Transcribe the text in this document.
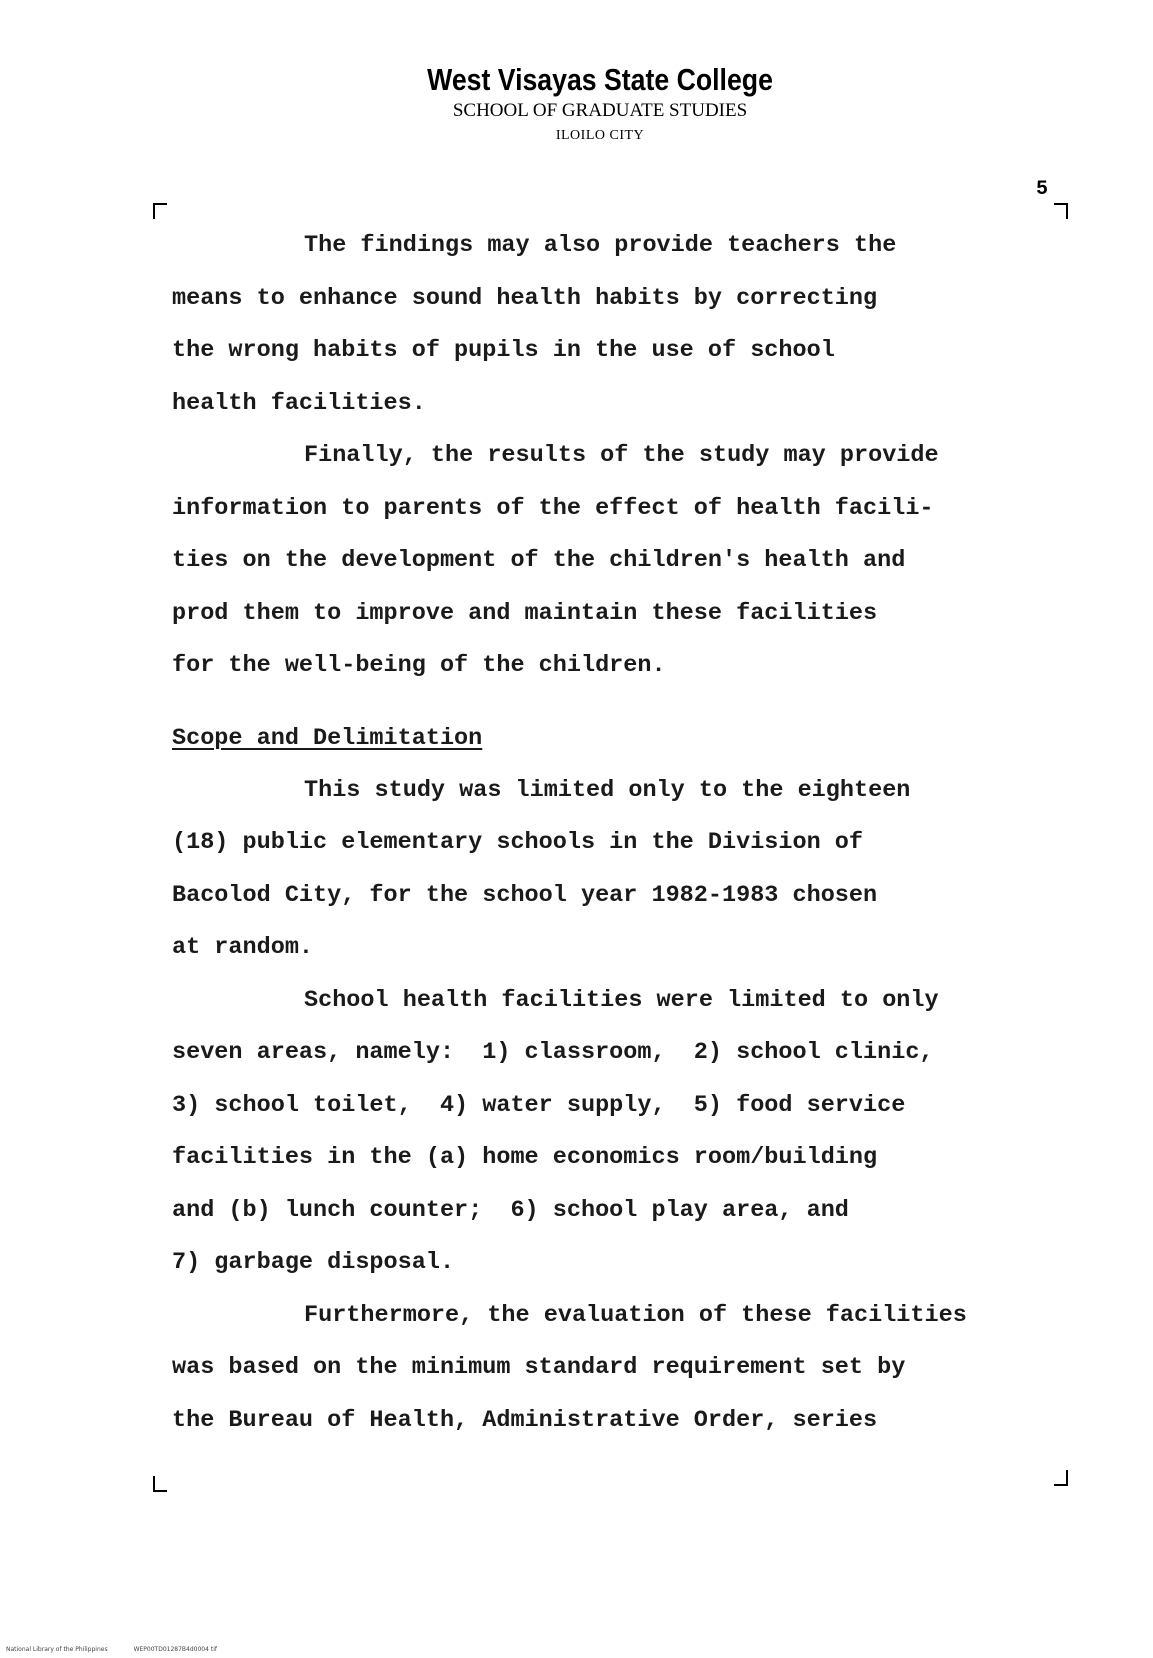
West Visayas State College
SCHOOL OF GRADUATE STUDIES
ILOILO CITY
5
The findings may also provide teachers the
means to enhance sound health habits by correcting
the wrong habits of pupils in the use of school
health facilities.
Finally, the results of the study may provide
information to parents of the effect of health facili-
ties on the development of the children's health and
prod them to improve and maintain these facilities
for the well-being of the children.
Scope and Delimitation
This study was limited only to the eighteen
(18) public elementary schools in the Division of
Bacolod City, for the school year 1982-1983 chosen
at random.
School health facilities were limited to only
seven areas, namely:  1) classroom,  2) school clinic,
3) school toilet,  4) water supply,  5) food service
facilities in the (a) home economics room/building
and (b) lunch counter;  6) school play area, and
7) garbage disposal.
Furthermore, the evaluation of these facilities
was based on the minimum standard requirement set by
the Bureau of Health, Administrative Order, series
National Library of the Philippines	WEP00TD01287B4d0004 tif
